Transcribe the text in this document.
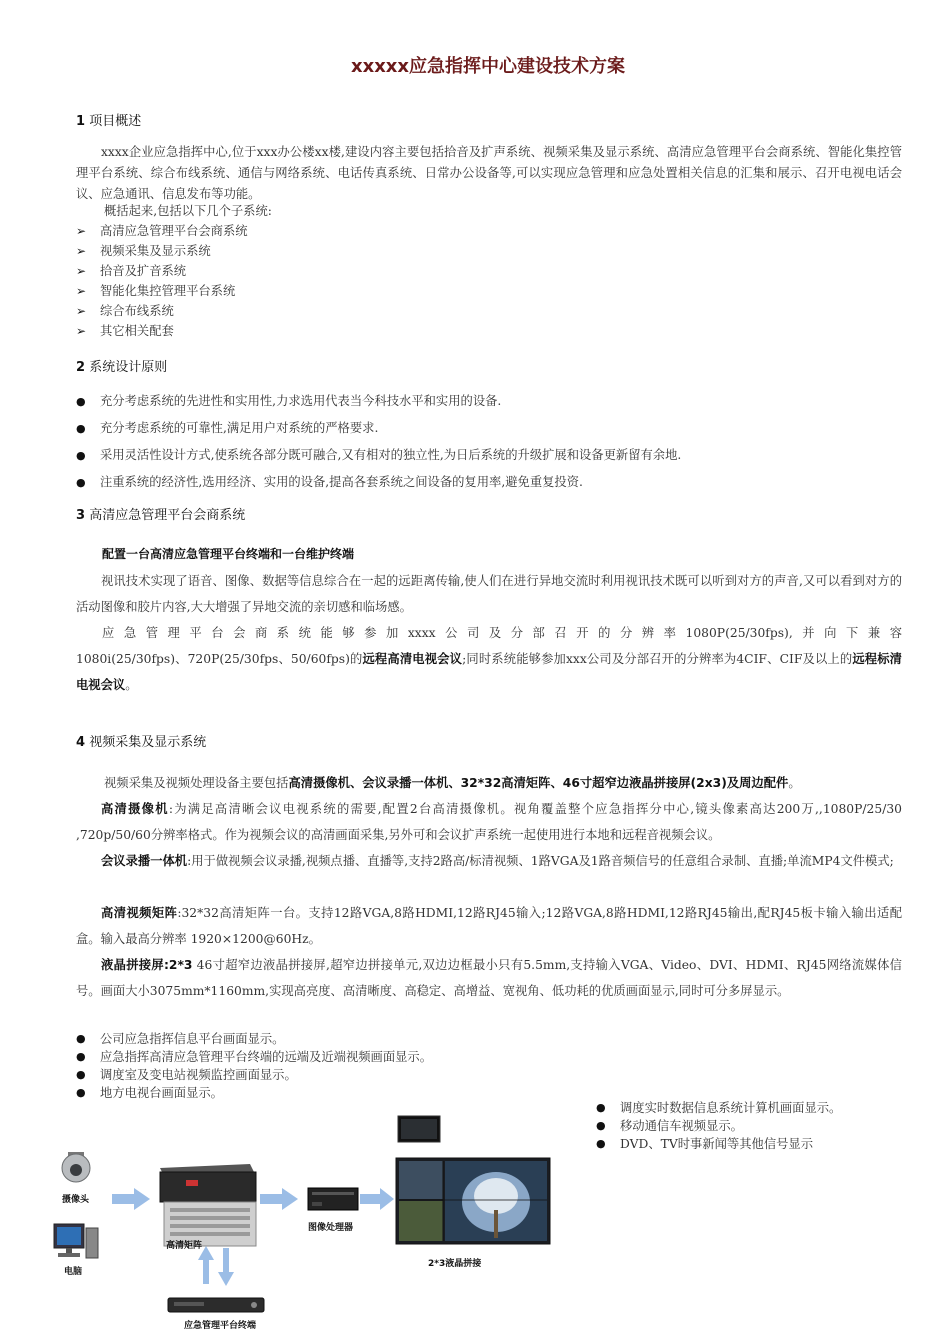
xxxxx应急指挥中心建设技术方案
1 项目概述
xxxx企业应急指挥中心,位于xxx办公楼xx楼,建设内容主要包括拾音及扩声系统、视频采集及显示系统、高清应急管理平台会商系统、智能化集控管理平台系统、综合布线系统、通信与网络系统、电话传真系统、日常办公设备等,可以实现应急管理和应急处置相关信息的汇集和展示、召开电视电话会议、应急通讯、信息发布等功能。
概括起来,包括以下几个子系统:
➢ 高清应急管理平台会商系统
➢ 视频采集及显示系统
➢ 拾音及扩音系统
➢ 智能化集控管理平台系统
➢ 综合布线系统
➢ 其它相关配套
2 系统设计原则
● 充分考虑系统的先进性和实用性,力求选用代表当今科技水平和实用的设备.
● 充分考虑系统的可靠性,满足用户对系统的严格要求.
● 采用灵活性设计方式,使系统各部分既可融合,又有相对的独立性,为日后系统的升级扩展和设备更新留有余地.
● 注重系统的经济性,选用经济、实用的设备,提高各套系统之间设备的复用率,避免重复投资.
3 高清应急管理平台会商系统
配置一台高清应急管理平台终端和一台维护终端
视讯技术实现了语音、图像、数据等信息综合在一起的远距离传输,使人们在进行异地交流时利用视讯技术既可以听到对方的声音,又可以看到对方的活动图像和胶片内容,大大增强了异地交流的亲切感和临场感。
应急管理平台会商系统能够参加xxxx公司及分部召开的分辨率1080P(25/30fps),并向下兼容
1080i(25/30fps)、720P(25/30fps、50/60fps)的远程高清电视会议;同时系统能够参加xxx公司及分部召开的分辨率为4CIF、CIF及以上的远程标清电视会议。
4 视频采集及显示系统
视频采集及视频处理设备主要包括高清摄像机、会议录播一体机、32*32高清矩阵、46寸超窄边液晶拼接屏(2x3)及周边配件。
高清摄像机:为满足高清晰会议电视系统的需要,配置2台高清摄像机。视角覆盖整个应急指挥分中心,镜头像素高达200万,,1080P/25/30 ,720p/50/60分辨率格式。作为视频会议的高清画面采集,另外可和会议扩声系统一起使用进行本地和远程音视频会议。
会议录播一体机:用于做视频会议录播,视频点播、直播等,支持2路高/标清视频、1路VGA及1路音频信号的任意组合录制、直播;单流MP4文件模式;
高清视频矩阵:32*32高清矩阵一台。支持12路VGA,8路HDMI,12路RJ45输入;12路VGA,8路HDMI,12路RJ45输出,配RJ45板卡输入输出适配盒。输入最高分辨率 1920×1200@60Hz。
液晶拼接屏:2*3 46寸超窄边液晶拼接屏,超窄边拼接单元,双边边框最小只有5.5mm,支持输入VGA、Video、DVI、HDMI、RJ45网络流媒体信号。画面大小3075mm*1160mm,实现高亮度、高清晰度、高稳定、高增益、宽视角、低功耗的优质画面显示,同时可分多屏显示。
● 公司应急指挥信息平台画面显示。
● 应急指挥高清应急管理平台终端的远端及近端视频画面显示。
● 调度室及变电站视频监控画面显示。
● 地方电视台画面显示。
● 调度实时数据信息系统计算机画面显示。
● 移动通信车视频显示。
● DVD、TV时事新闻等其他信号显示
摄像头
电脑
高清矩阵
图像处理器
2*3液晶拼接
应急管理平台终端
